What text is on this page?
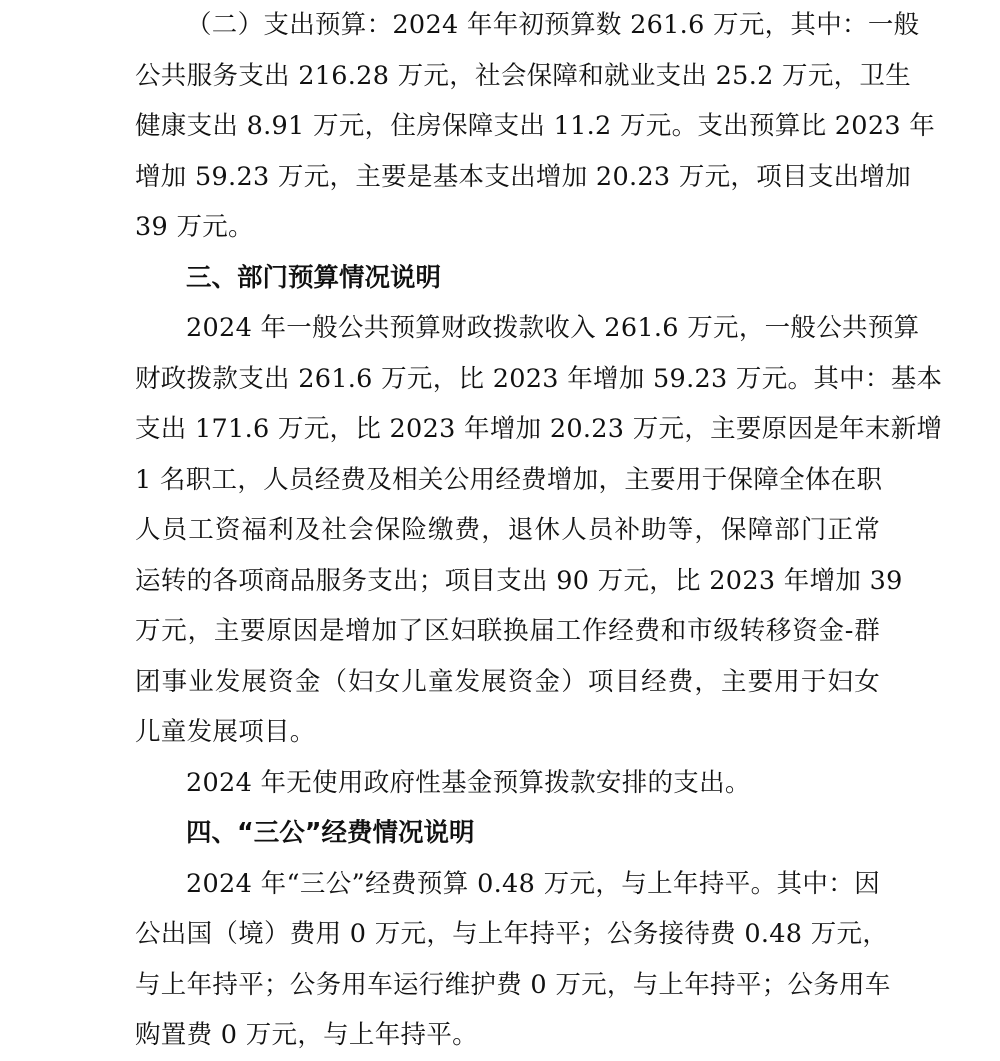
（二）支出预算：2024 年年初预算数 261.6 万元，其中：一般
公共服务支出 216.28 万元，社会保障和就业支出 25.2 万元，卫生
健康支出 8.91 万元，住房保障支出 11.2 万元。支出预算比 2023 年
增加 59.23 万元，主要是基本支出增加 20.23 万元，项目支出增加
39 万元。

三、部门预算情况说明

2024 年一般公共预算财政拨款收入 261.6 万元，一般公共预算
财政拨款支出 261.6 万元，比 2023 年增加 59.23 万元。其中：基本
支出 171.6 万元，比 2023 年增加 20.23 万元，主要原因是年末新增
1 名职工，人员经费及相关公用经费增加，主要用于保障全体在职
人员工资福利及社会保险缴费，退休人员补助等，保障部门正常
运转的各项商品服务支出；项目支出 90 万元，比 2023 年增加 39
万元，主要原因是增加了区妇联换届工作经费和市级转移资金-群
团事业发展资金（妇女儿童发展资金）项目经费，主要用于妇女
儿童发展项目。

2024 年无使用政府性基金预算拨款安排的支出。

四、“三公”经费情况说明

2024 年“三公”经费预算 0.48 万元，与上年持平。其中：因
公出国（境）费用 0 万元，与上年持平；公务接待费 0.48 万元，
与上年持平；公务用车运行维护费 0 万元，与上年持平；公务用车
购置费 0 万元，与上年持平。
